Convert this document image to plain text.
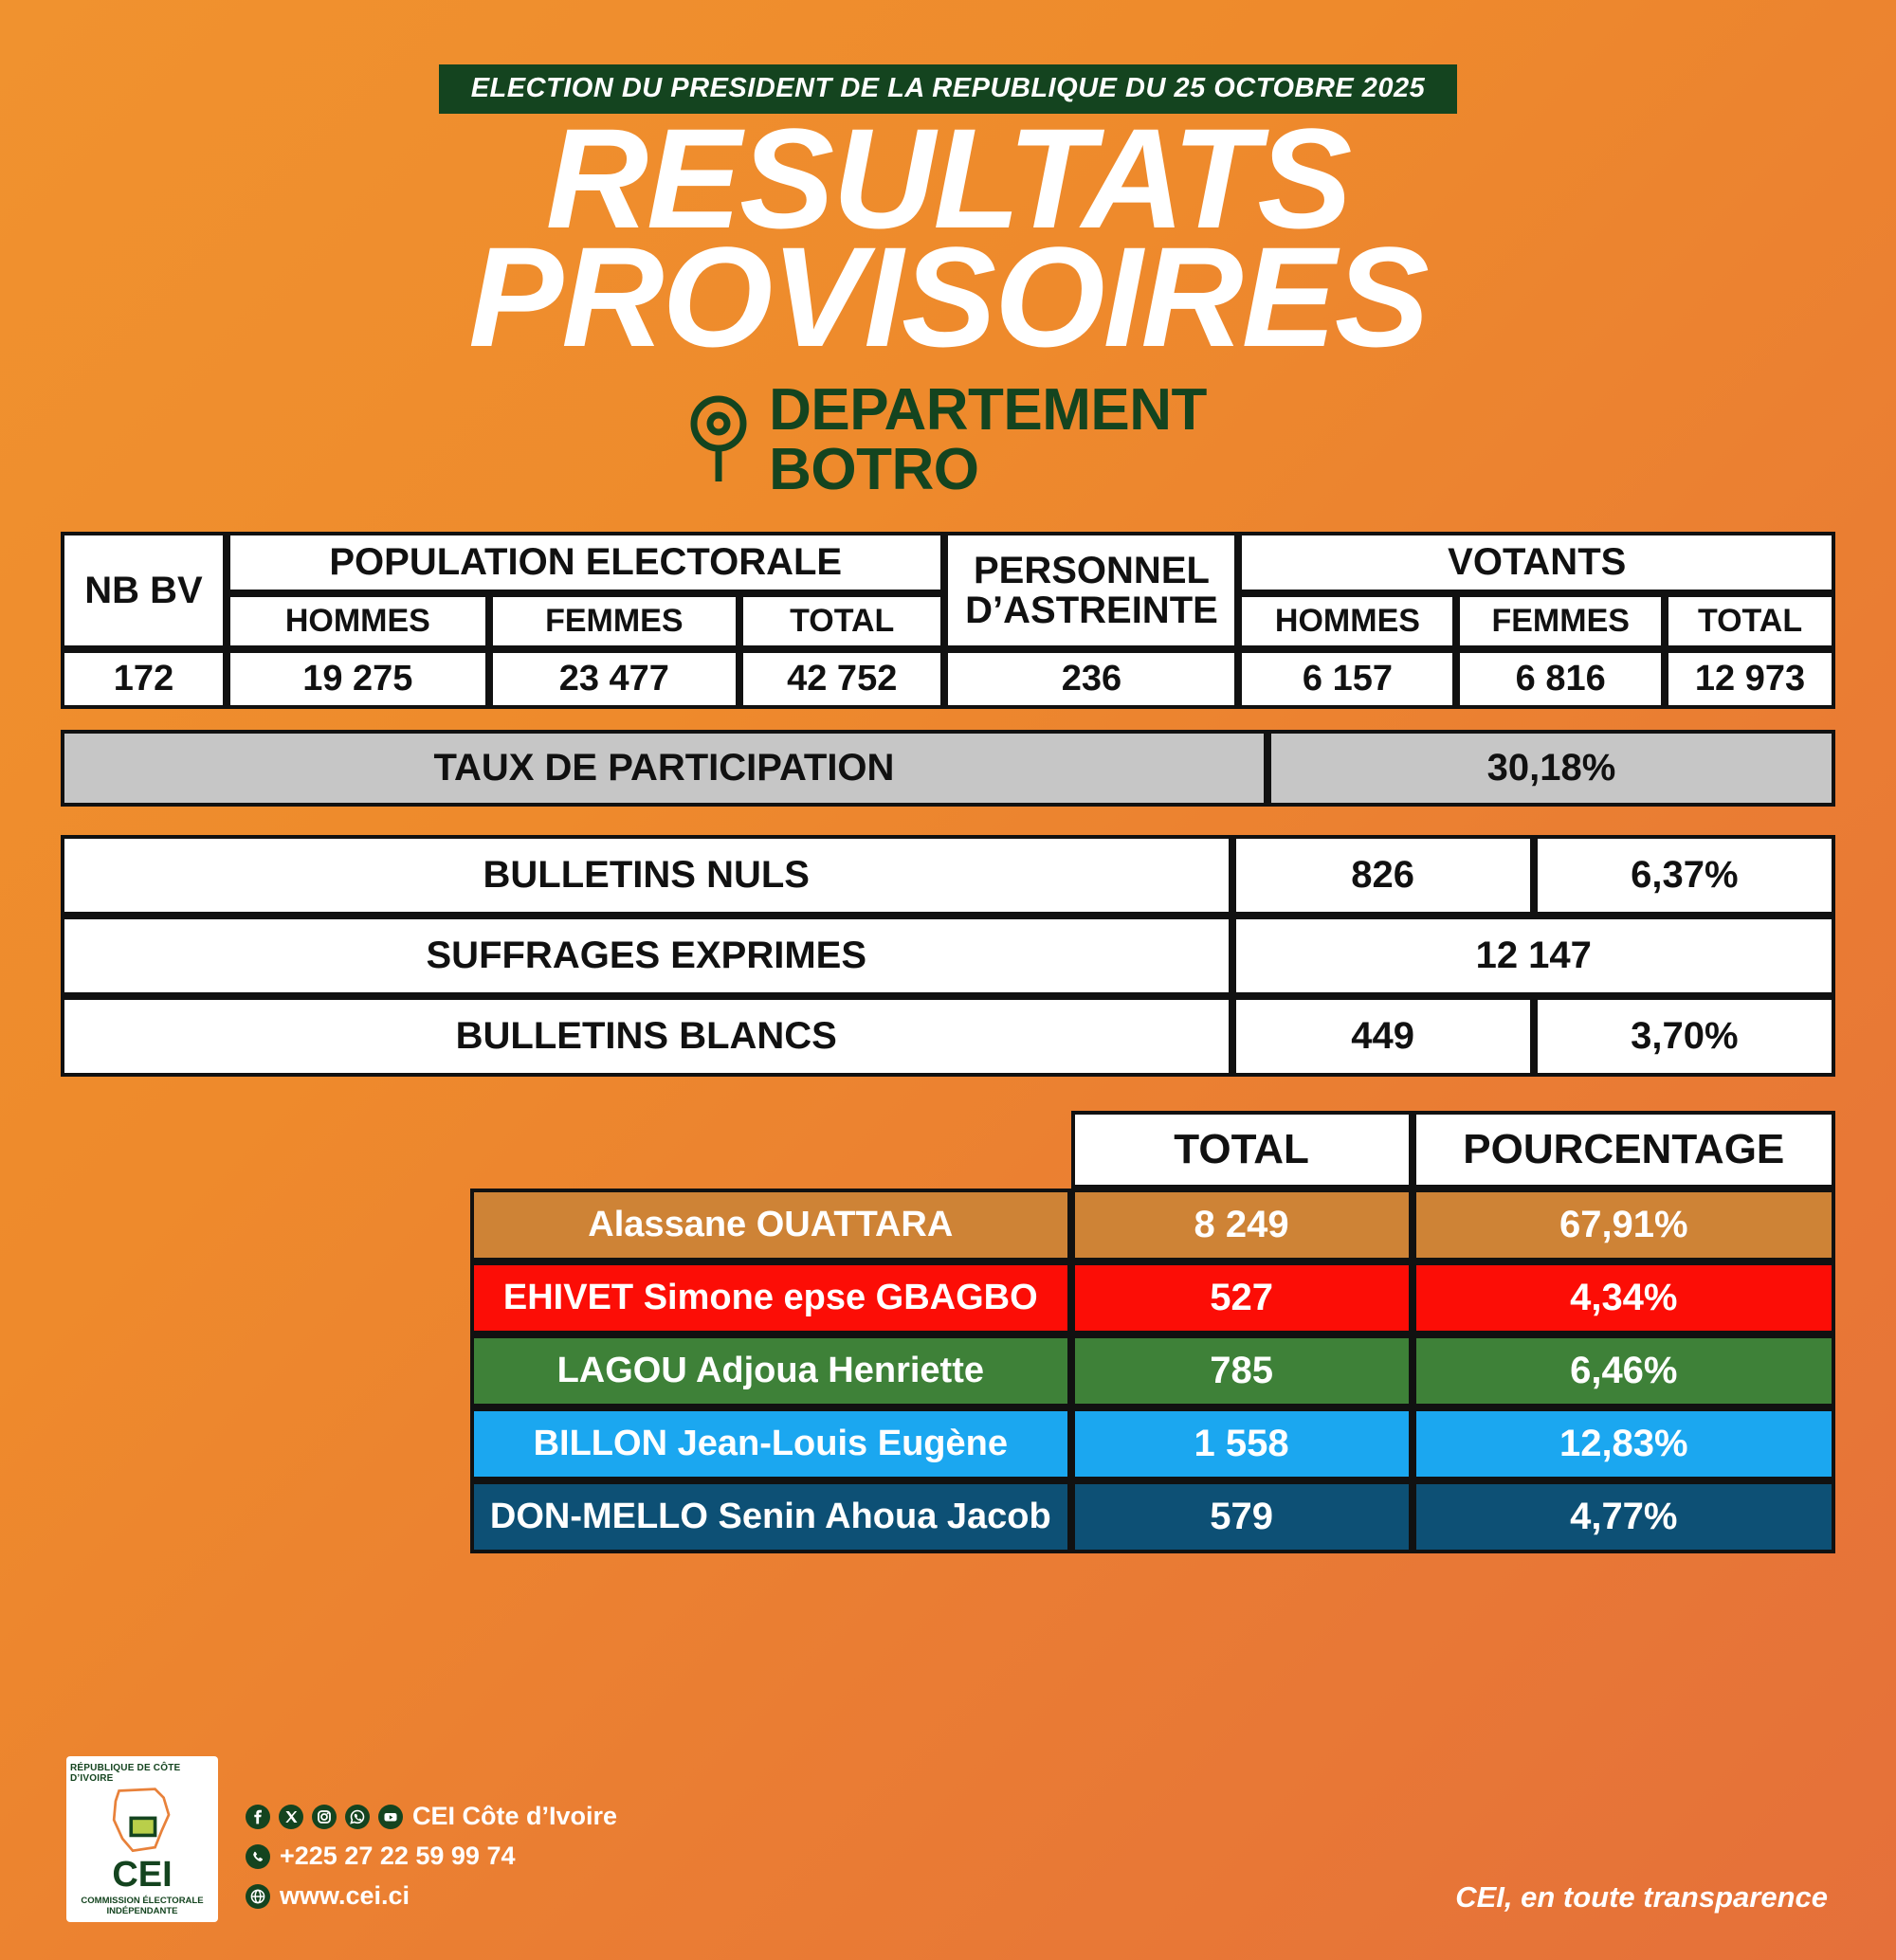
ELECTION DU PRESIDENT DE LA REPUBLIQUE DU 25 OCTOBRE 2025
RESULTATS
PROVISOIRES
DEPARTEMENT
BOTRO
NB BV	POPULATION ELECTORALE			PERSONNEL D’ASTREINTE	VOTANTS		
	HOMMES	FEMMES	TOTAL		HOMMES	FEMMES	TOTAL
172	19 275	23 477	42 752	236	6 157	6 816	12 973
TAUX DE PARTICIPATION	30,18%
BULLETINS NULS	826	6,37%
SUFFRAGES EXPRIMES	12 147	
BULLETINS BLANCS	449	3,70%
	TOTAL	POURCENTAGE
Alassane OUATTARA	8 249	67,91%
EHIVET Simone epse GBAGBO	527	4,34%
LAGOU Adjoua Henriette	785	6,46%
BILLON Jean-Louis Eugène	1 558	12,83%
DON-MELLO Senin Ahoua Jacob	579	4,77%
RÉPUBLIQUE DE CÔTE D’IVOIRE
CEI
COMMISSION ÉLECTORALE
INDÉPENDANTE
CEI Côte d’Ivoire
+225 27 22 59 99 74
www.cei.ci	CEI, en toute transparence
